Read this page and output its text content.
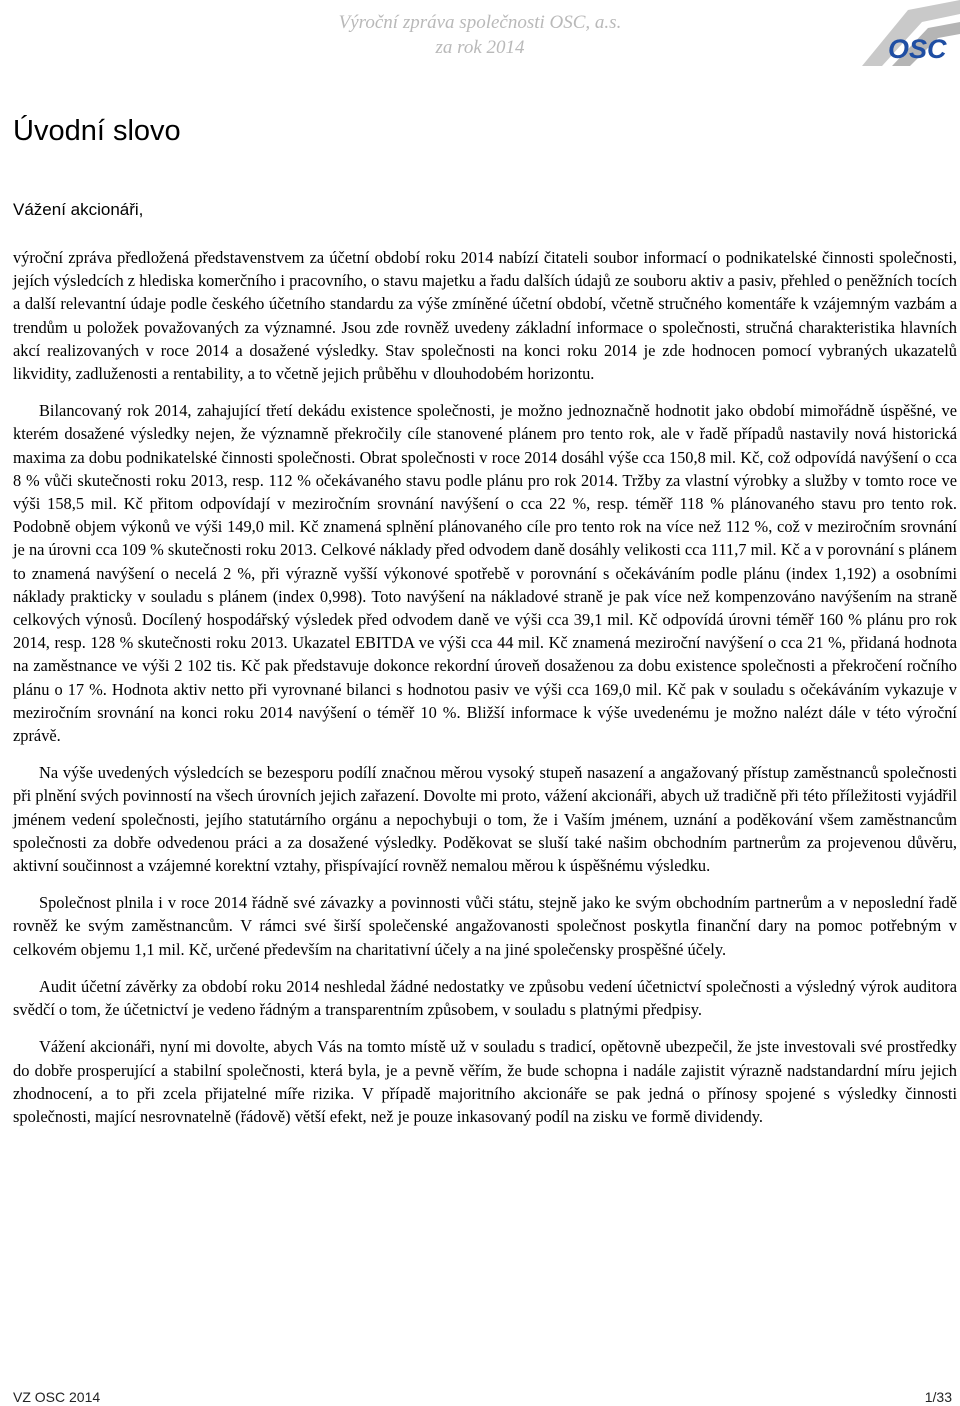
Výroční zpráva společnosti OSC, a.s.
za rok 2014	OSC
Úvodní slovo
Vážení akcionáři,

výroční zpráva předložená představenstvem za účetní období roku 2014 nabízí čitateli soubor informací o podnikatelské činnosti společnosti, jejích výsledcích z hlediska komerčního i pracovního, o stavu majetku a řadu dalších údajů ze souboru aktiv a pasiv, přehled o peněžních tocích a další relevantní údaje podle českého účetního standardu za výše zmíněné účetní období, včetně stručného komentáře k vzájemným vazbám a trendům u položek považovaných za významné. Jsou zde rovněž uvedeny základní informace o společnosti, stručná charakteristika hlavních akcí realizovaných v roce 2014 a dosažené výsledky. Stav společnosti na konci roku 2014 je zde hodnocen pomocí vybraných ukazatelů likvidity, zadluženosti a rentability, a to včetně jejich průběhu v dlouhodobém horizontu.

Bilancovaný rok 2014, zahajující třetí dekádu existence společnosti, je možno jednoznačně hodnotit jako období mimořádně úspěšné, ve kterém dosažené výsledky nejen, že významně překročily cíle stanovené plánem pro tento rok, ale v řadě případů nastavily nová historická maxima za dobu podnikatelské činnosti společnosti. Obrat společnosti v roce 2014 dosáhl výše cca 150,8 mil. Kč, což odpovídá navýšení o cca 8 % vůči skutečnosti roku 2013, resp. 112 % očekávaného stavu podle plánu pro rok 2014. Tržby za vlastní výrobky a služby v tomto roce ve výši 158,5 mil. Kč přitom odpovídají v meziročním srovnání navýšení o cca 22 %, resp. téměř 118 % plánovaného stavu pro tento rok. Podobně objem výkonů ve výši 149,0 mil. Kč znamená splnění plánovaného cíle pro tento rok na více než 112 %, což v meziročním srovnání je na úrovni cca 109 % skutečnosti roku 2013. Celkové náklady před odvodem daně dosáhly velikosti cca 111,7 mil. Kč a v porovnání s plánem to znamená navýšení o necelá 2 %, při výrazně vyšší výkonové spotřebě v porovnání s očekáváním podle plánu (index 1,192) a osobními náklady prakticky v souladu s plánem (index 0,998). Toto navýšení na nákladové straně je pak více než kompenzováno navýšením na straně celkových výnosů. Docílený hospodářský výsledek před odvodem daně ve výši cca 39,1 mil. Kč odpovídá úrovni téměř 160 % plánu pro rok 2014, resp. 128 % skutečnosti roku 2013. Ukazatel EBITDA ve výši cca 44 mil. Kč znamená meziroční navýšení o cca 21 %, přidaná hodnota na zaměstnance ve výši 2 102 tis. Kč pak představuje dokonce rekordní úroveň dosaženou za dobu existence společnosti a překročení ročního plánu o 17 %. Hodnota aktiv netto při vyrovnané bilanci s hodnotou pasiv ve výši cca 169,0 mil. Kč pak v souladu s očekáváním vykazuje v meziročním srovnání na konci roku 2014 navýšení o téměř 10 %. Bližší informace k výše uvedenému je možno nalézt dále v této výroční zprávě.

Na výše uvedených výsledcích se bezesporu podílí značnou měrou vysoký stupeň nasazení a angažovaný přístup zaměstnanců společnosti při plnění svých povinností na všech úrovních jejich zařazení. Dovolte mi proto, vážení akcionáři, abych už tradičně při této příležitosti vyjádřil jménem vedení společnosti, jejího statutárního orgánu a nepochybuji o tom, že i Vaším jménem, uznání a poděkování všem zaměstnancům společnosti za dobře odvedenou práci a za dosažené výsledky. Poděkovat se sluší také našim obchodním partnerům za projevenou důvěru, aktivní součinnost a vzájemné korektní vztahy, přispívající rovněž nemalou měrou k úspěšnému výsledku.

Společnost plnila i v roce 2014 řádně své závazky a povinnosti vůči státu, stejně jako ke svým obchodním partnerům a v neposlední řadě rovněž ke svým zaměstnancům. V rámci své širší společenské angažovanosti společnost poskytla finanční dary na pomoc potřebným v celkovém objemu 1,1 mil. Kč, určené především na charitativní účely a na jiné společensky prospěšné účely.

Audit účetní závěrky za období roku 2014 neshledal žádné nedostatky ve způsobu vedení účetnictví společnosti a výsledný výrok auditora svědčí o tom, že účetnictví je vedeno řádným a transparentním způsobem, v souladu s platnými předpisy.

Vážení akcionáři, nyní mi dovolte, abych Vás na tomto místě už v souladu s tradicí, opětovně ubezpečil, že jste investovali své prostředky do dobře prosperující a stabilní společnosti, která byla, je a pevně věřím, že bude schopna i nadále zajistit výrazně nadstandardní míru jejich zhodnocení, a to při zcela přijatelné míře rizika. V případě majoritního akcionáře se pak jedná o přínosy spojené s výsledky činnosti společnosti, mající nesrovnatelně (řádově) větší efekt, než je pouze inkasovaný podíl na zisku ve formě dividendy.

VZ OSC 2014	1/33
